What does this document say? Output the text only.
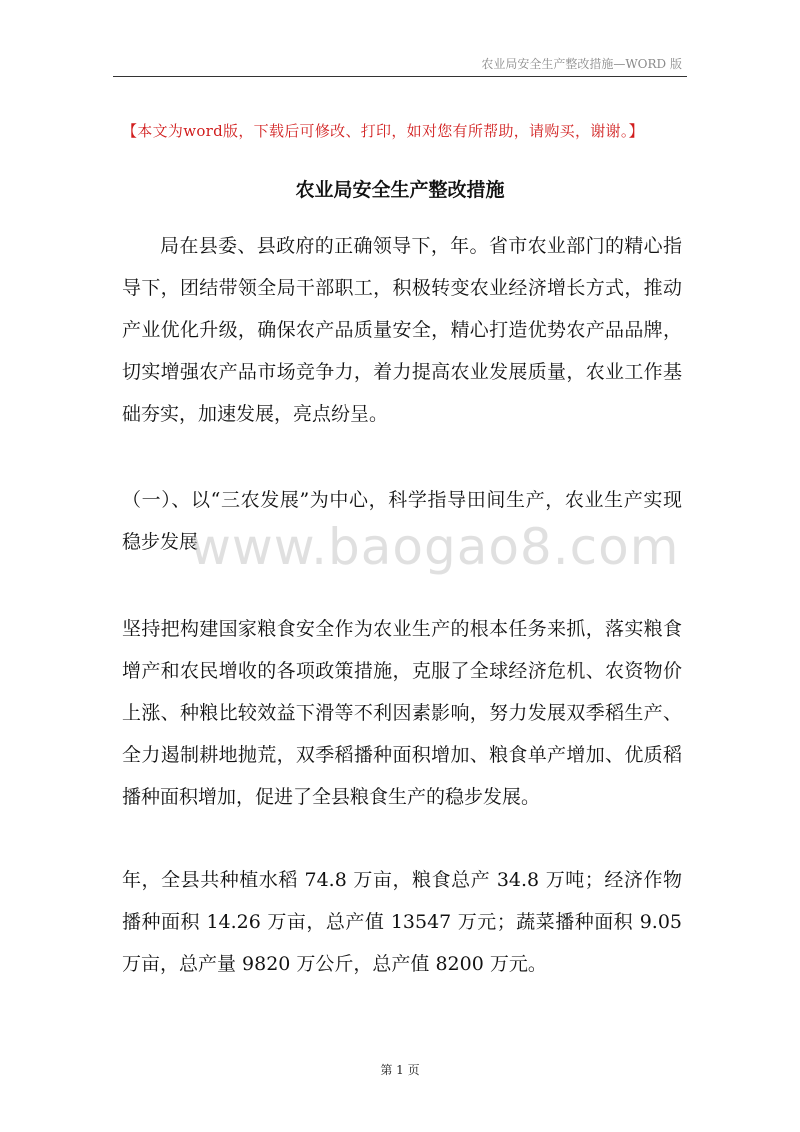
农业局安全生产整改措施—WORD 版
【本文为word版，下载后可修改、打印，如对您有所帮助，请购买，谢谢。】
农业局安全生产整改措施
局在县委、县政府的正确领导下，年。省市农业部门的精心指导下，团结带领全局干部职工，积极转变农业经济增长方式，推动产业优化升级，确保农产品质量安全，精心打造优势农产品品牌，切实增强农产品市场竞争力，着力提高农业发展质量，农业工作基础夯实，加速发展，亮点纷呈。
（一）、以“三农发展”为中心，科学指导田间生产，农业生产实现稳步发展
www.baogao8.com
坚持把构建国家粮食安全作为农业生产的根本任务来抓，落实粮食增产和农民增收的各项政策措施，克服了全球经济危机、农资物价上涨、种粮比较效益下滑等不利因素影响，努力发展双季稻生产、全力遏制耕地抛荒，双季稻播种面积增加、粮食单产增加、优质稻播种面积增加，促进了全县粮食生产的稳步发展。
年，全县共种植水稻 74.8 万亩，粮食总产 34.8 万吨；经济作物播种面积 14.26 万亩，总产值 13547 万元；蔬菜播种面积 9.05 万亩，总产量 9820 万公斤，总产值 8200 万元。
第 1 页
